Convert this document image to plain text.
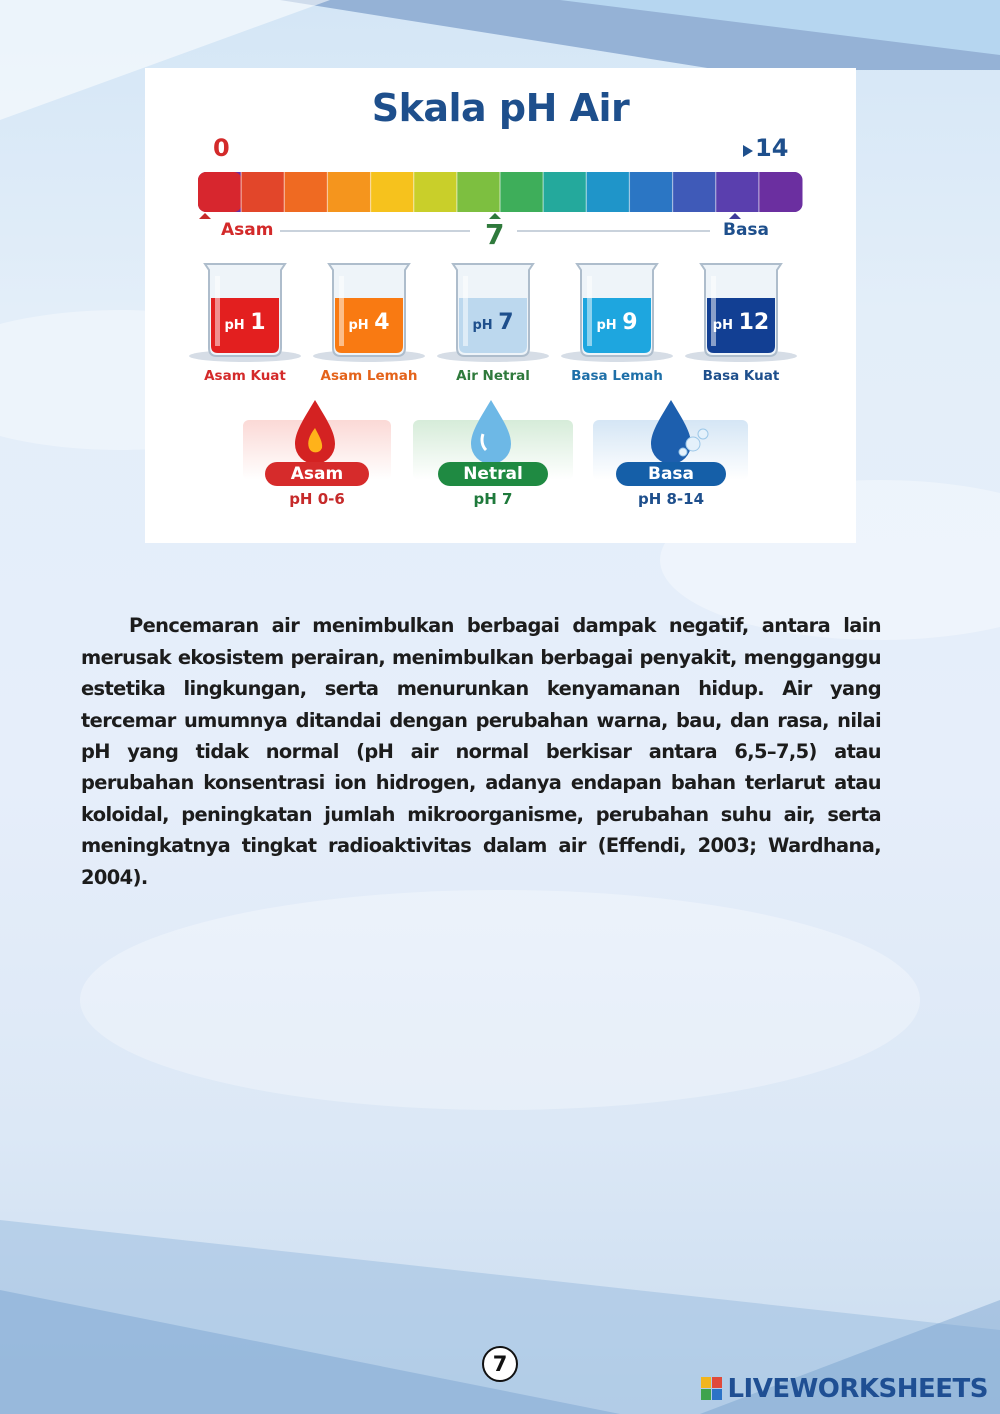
Skala pH Air
0	14
Asam	7	Basa
pH 1
Asam Kuat
pH 4
Asam Lemah
pH 7
Air Netral
pH 9
Basa Lemah
pH 12
Basa Kuat
Asam	Netral	Basa
pH 0-6	pH 7	pH 8-14

Pencemaran air menimbulkan berbagai dampak negatif, antara lain merusak ekosistem perairan, menimbulkan berbagai penyakit, mengganggu estetika lingkungan, serta menurunkan kenyamanan hidup. Air yang tercemar umumnya ditandai dengan perubahan warna, bau, dan rasa, nilai pH yang tidak normal (pH air normal berkisar antara 6,5–7,5) atau perubahan konsentrasi ion hidrogen, adanya endapan bahan terlarut atau koloidal, peningkatan jumlah mikroorganisme, perubahan suhu air, serta meningkatnya tingkat radioaktivitas dalam air (Effendi, 2003; Wardhana, 2004).

7
LIVEWORKSHEETS
